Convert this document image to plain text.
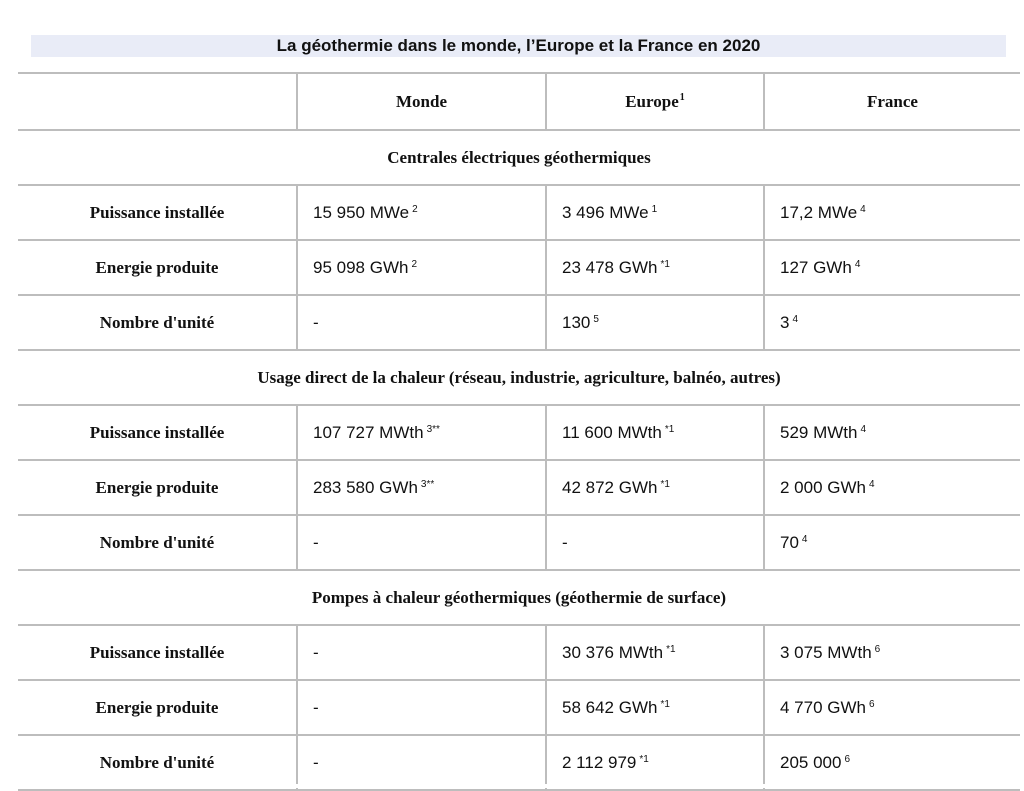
La géothermie dans le monde, l’Europe et la France en 2020
	Monde	Europe$^1$	France
Centrales électriques géothermiques			
Puissance installée	15 950 MWe $^2$	3 496 MWe $^1$	17,2 MWe $^4$
Energie produite	95 098 GWh $^2$	23 478 GWh $^{*1}$	127 GWh $^4$
Nombre d'unité	-	130 $^5$	3 $^4$
Usage direct de la chaleur (réseau, industrie, agriculture, balnéo, autres)			
Puissance installée	107 727 MWth $^{3**}$	11 600 MWth $^{*1}$	529 MWth $^4$
Energie produite	283 580 GWh $^{3**}$	42 872 GWh $^{*1}$	2 000 GWh $^4$
Nombre d'unité	-	-	70 $^4$
Pompes à chaleur géothermiques (géothermie de surface)			
Puissance installée	-	30 376 MWth $^{*1}$	3 075 MWth $^6$
Energie produite	-	58 642 GWh $^{*1}$	4 770 GWh $^6$
Nombre d'unité	-	2 112 979 $^{*1}$	205 000 $^6$
